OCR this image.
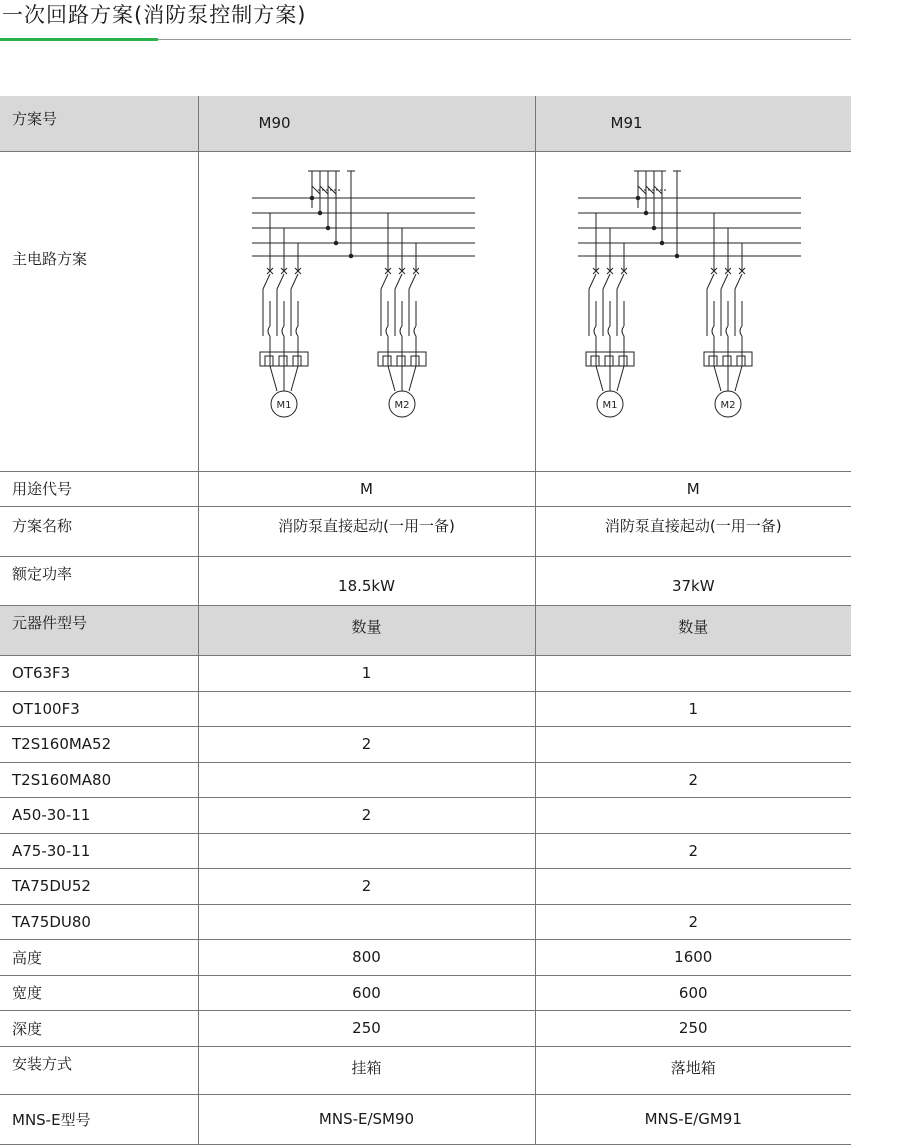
一次回路方案(消防泵控制方案)
方案号	M90	M91
主电路方案	M1 M2	M1 M2

用途代号	M	M
方案名称	消防泵直接起动(一用一备)	消防泵直接起动(一用一备)
额定功率	18.5kW	37kW
元器件型号	数量	数量
OT63F3	1	
OT100F3		1
T2S160MA52	2	
T2S160MA80		2
A50-30-11	2	
A75-30-11		2
TA75DU52	2	
TA75DU80		2
高度	800	1600
宽度	600	600
深度	250	250
安装方式	挂箱	落地箱
MNS-E型号	MNS-E/SM90	MNS-E/GM91
